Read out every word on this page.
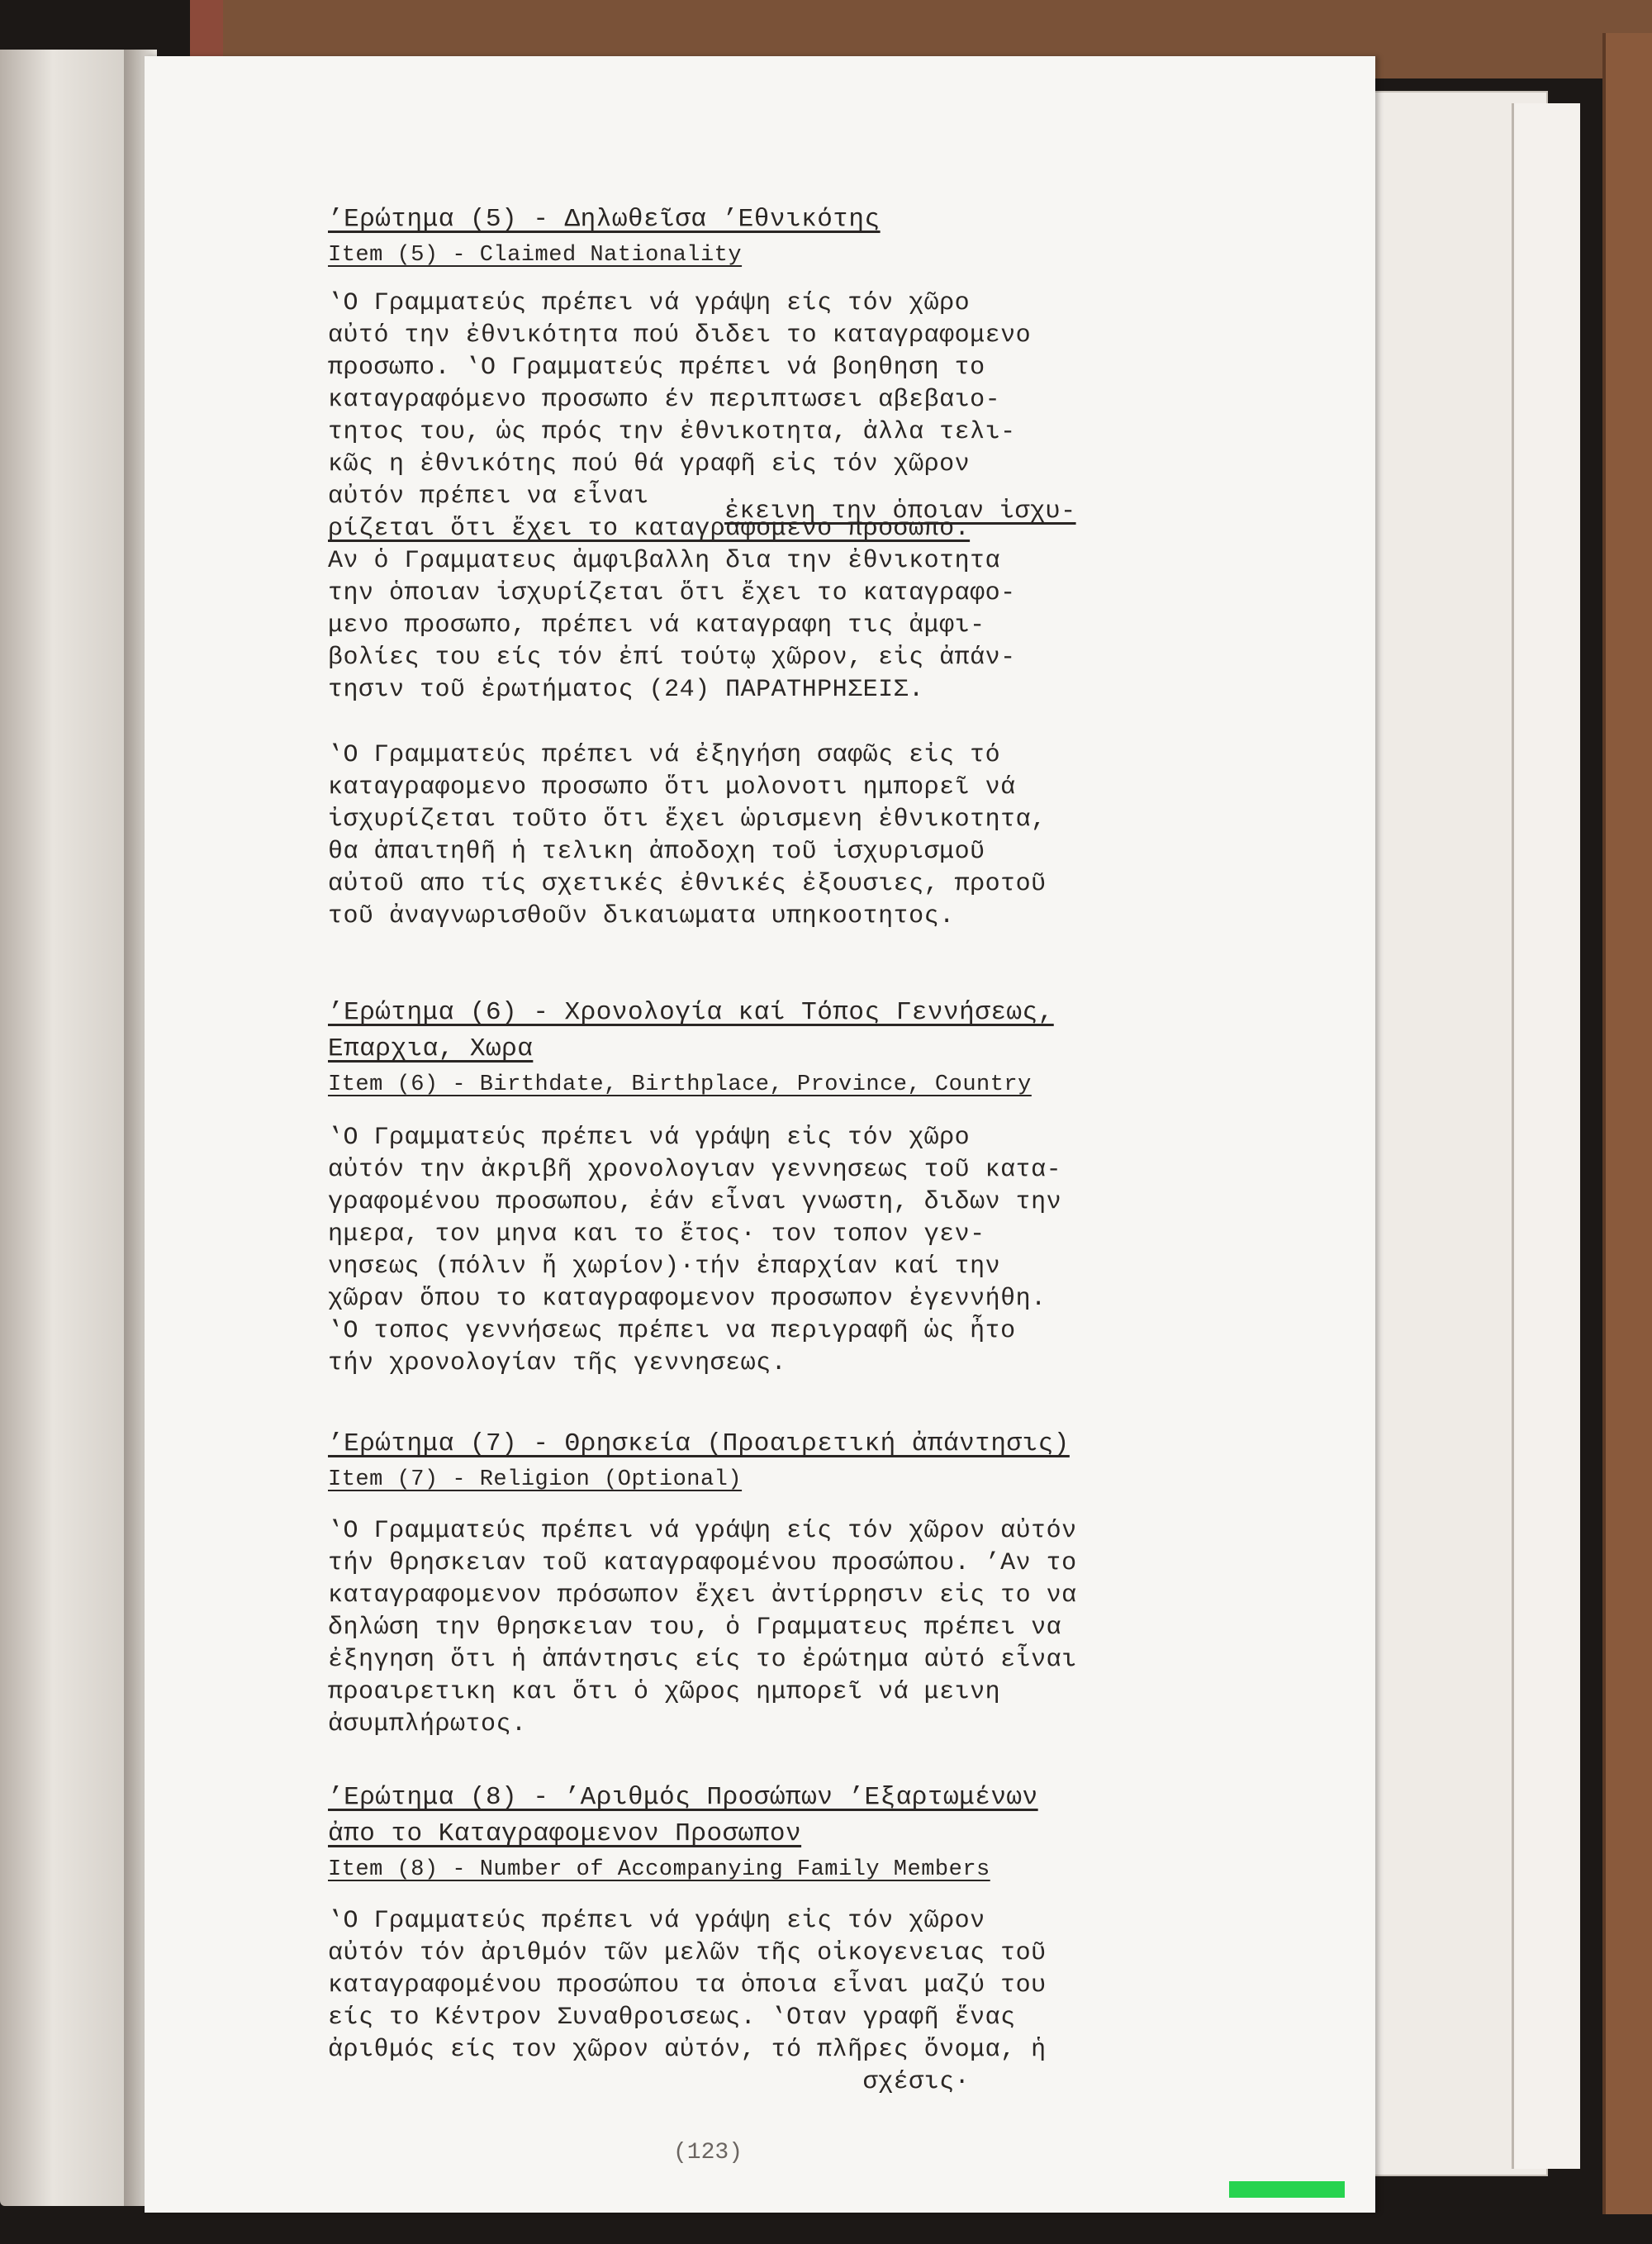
’Ερώτημα (5) - Δηλωθεῖσα ’Εθνικότης
Item (5) - Claimed Nationality

‛Ο Γραμματεύς πρέπει νά γράψη είς τόν χῶρο
αὐτό την ἐθνικότητα πού διδει το καταγραφομενο
προσωπο. ‛Ο Γραμματεύς πρέπει νά βοηθηση το
καταγραφόμενο προσωπο έν περιπτωσει αβεβαιο-
τητος του, ὡς πρός την ἐθνικοτητα, ἀλλα τελι-
κῶς η ἐθνικότης πού θά γραφῆ εἰς τόν χῶρον
αὐτόν πρέπει να εἶναι

ἐκεινη την ὁποιαν ἰσχυ-

ρίζεται ὅτι ἔχει το καταγραφομενο προσωπο.

Αν ὁ Γραμματευς ἀμφιβαλλη δια την ἐθνικοτητα
την ὁποιαν ἰσχυρίζεται ὅτι ἔχει το καταγραφο-
μενο προσωπο, πρέπει νά καταγραφη τις ἀμφι-
βολίες του είς τόν ἐπί τούτῳ χῶρον, εἰς ἀπάν-
τησιν τοῦ ἐρωτήματος (24) ΠΑΡΑΤΗΡΗΣΕΙΣ.

‛Ο Γραμματεύς πρέπει νά ἐξηγήση σαφῶς εἰς τό
καταγραφομενο προσωπο ὅτι μολονοτι ημπορεῖ νά
ἰσχυρίζεται τοῦτο ὅτι ἔχει ὡρισμενη ἐθνικοτητα,
θα ἀπαιτηθῆ ἡ τελικη ἀποδοχη τοῦ ἰσχυρισμοῦ
αὐτοῦ απο τίς σχετικές ἐθνικές ἐξουσιες, προτοῦ
τοῦ ἀναγνωρισθοῦν δικαιωματα υπηκοοτητος.

’Ερώτημα (6) - Χρονολογία καί Τόπος Γεννήσεως,
Επαρχια, Χωρα
Item (6) - Birthdate, Birthplace, Province, Country

‛Ο Γραμματεύς πρέπει νά γράψη εἰς τόν χῶρο
αὐτόν την ἀκριβῆ χρονολογιαν γεννησεως τοῦ κατα-
γραφομένου προσωπου, ἐάν εἶναι γνωστη, διδων την
ημερα, τον μηνα και το ἔτος· τον τοπον γεν-
νησεως (πόλιν ἤ χωρίον)·τήν ἐπαρχίαν καί την
χῶραν ὅπου το καταγραφομενον προσωπον ἐγεννήθη.
‛Ο τοπος γεννήσεως πρέπει να περιγραφῆ ὡς ἦτο
τήν χρονολογίαν τῆς γεννησεως.

’Ερώτημα (7) - Θρησκεία (Προαιρετική ἀπάντησις)
Item (7) - Religion (Optional)

‛Ο Γραμματεύς πρέπει νά γράψη είς τόν χῶρον αὐτόν
τήν θρησκειαν τοῦ καταγραφομένου προσώπου. ’Αν το
καταγραφομενον πρόσωπον ἔχει ἀντίρρησιν εἰς το να
δηλώση την θρησκειαν του, ὁ Γραμματευς πρέπει να
ἐξηγηση ὅτι ἡ ἀπάντησις είς το ἐρώτημα αὐτό εἶναι
προαιρετικη και ὅτι ὁ χῶρος ημπορεῖ νά μεινη
ἀσυμπλήρωτος.

’Ερώτημα (8) - ’Αριθμός Προσώπων ’Εξαρτωμένων
ἀπο το Καταγραφομενον Προσωπον
Item (8) - Number of Accompanying Family Members

‛Ο Γραμματεύς πρέπει νά γράψη εἰς τόν χῶρον
αὐτόν τόν ἀριθμόν τῶν μελῶν τῆς οἰκογενειας τοῦ
καταγραφομένου προσώπου τα ὁποια εἶναι μαζύ του
είς το Κέντρον Συναθροισεως. ‛Οταν γραφῆ ἕνας
ἀριθμός είς τον χῶρον αὐτόν, τό πλῆρες ὄνομα, ἡ
σχέσις·

(123)
